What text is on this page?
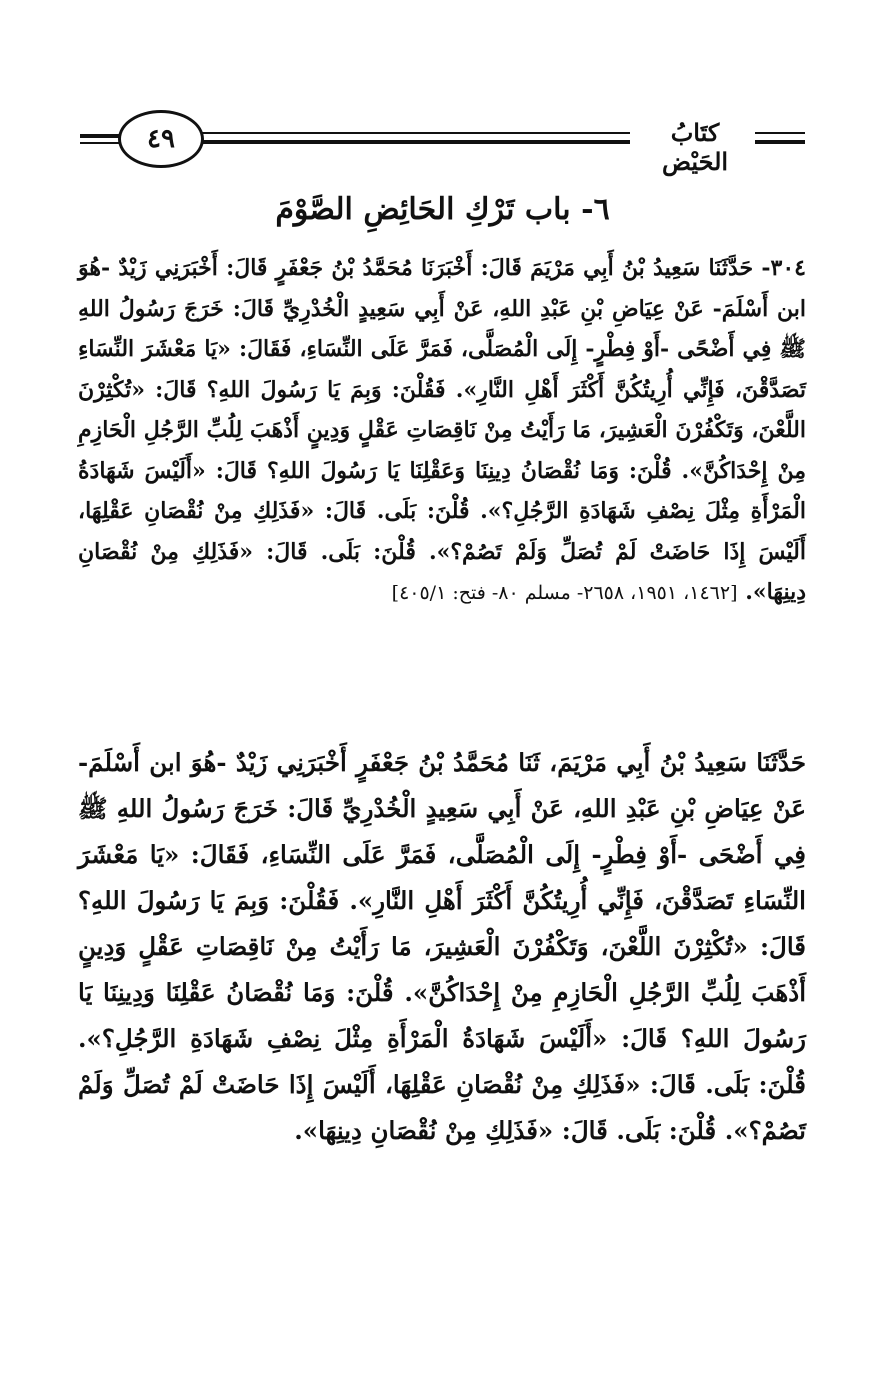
٤٩	كتَابُ الحَيْض
٦- باب تَرْكِ الحَائِضِ الصَّوْمَ

٣٠٤- حَدَّثَنَا سَعِيدُ بْنُ أَبِي مَرْيَمَ قَالَ: أَخْبَرَنَا مُحَمَّدُ بْنُ جَعْفَرٍ قَالَ: أَخْبَرَنِي زَيْدٌ -هُوَ ابن أَسْلَمَ- عَنْ عِيَاضِ بْنِ عَبْدِ اللهِ، عَنْ أَبِي سَعِيدٍ الْخُدْرِيِّ قَالَ: خَرَجَ رَسُولُ اللهِ ﷺ فِي أَضْحًى -أَوْ فِطْرٍ- إِلَى الْمُصَلَّى، فَمَرَّ عَلَى النِّسَاءِ، فَقَالَ: «يَا مَعْشَرَ النِّسَاءِ تَصَدَّقْنَ، فَإِنِّي أُرِيتُكُنَّ أَكْثَرَ أَهْلِ النَّارِ». فَقُلْنَ: وَبِمَ يَا رَسُولَ اللهِ؟ قَالَ: «تُكْثِرْنَ اللَّعْنَ، وَتَكْفُرْنَ الْعَشِيرَ، مَا رَأَيْتُ مِنْ نَاقِصَاتِ عَقْلٍ وَدِينٍ أَذْهَبَ لِلُبِّ الرَّجُلِ الْحَازِمِ مِنْ إِحْدَاكُنَّ». قُلْنَ: وَمَا نُقْصَانُ دِينِنَا وَعَقْلِنَا يَا رَسُولَ اللهِ؟ قَالَ: «أَلَيْسَ شَهَادَةُ الْمَرْأَةِ مِثْلَ نِصْفِ شَهَادَةِ الرَّجُلِ؟». قُلْنَ: بَلَى. قَالَ: «فَذَلِكِ مِنْ نُقْصَانِ عَقْلِهَا، أَلَيْسَ إِذَا حَاضَتْ لَمْ تُصَلِّ وَلَمْ تَصُمْ؟». قُلْنَ: بَلَى. قَالَ: «فَذَلِكِ مِنْ نُقْصَانِ دِينِهَا». [١٤٦٢، ١٩٥١، ٢٦٥٨- مسلم ٨٠- فتح: ٤٠٥/١]

حَدَّثَنَا سَعِيدُ بْنُ أَبِي مَرْيَمَ، ثَنَا مُحَمَّدُ بْنُ جَعْفَرٍ أَخْبَرَنِي زَيْدٌ -هُوَ ابن أَسْلَمَ- عَنْ عِيَاضِ بْنِ عَبْدِ اللهِ، عَنْ أَبِي سَعِيدٍ الْخُدْرِيِّ قَالَ: خَرَجَ رَسُولُ اللهِ ﷺ فِي أَضْحَى -أَوْ فِطْرٍ- إِلَى الْمُصَلَّى، فَمَرَّ عَلَى النِّسَاءِ، فَقَالَ: «يَا مَعْشَرَ النِّسَاءِ تَصَدَّقْنَ، فَإِنِّي أُرِيتُكُنَّ أَكْثَرَ أَهْلِ النَّارِ». فَقُلْنَ: وَبِمَ يَا رَسُولَ اللهِ؟ قَالَ: «تُكْثِرْنَ اللَّعْنَ، وَتَكْفُرْنَ الْعَشِيرَ، مَا رَأَيْتُ مِنْ نَاقِصَاتِ عَقْلٍ وَدِينٍ أَذْهَبَ لِلُبِّ الرَّجُلِ الْحَازِمِ مِنْ إِحْدَاكُنَّ». قُلْنَ: وَمَا نُقْصَانُ عَقْلِنَا وَدِينِنَا يَا رَسُولَ اللهِ؟ قَالَ: «أَلَيْسَ شَهَادَةُ الْمَرْأَةِ مِثْلَ نِصْفِ شَهَادَةِ الرَّجُلِ؟». قُلْنَ: بَلَى. قَالَ: «فَذَلِكِ مِنْ نُقْصَانِ عَقْلِهَا، أَلَيْسَ إِذَا حَاضَتْ لَمْ تُصَلِّ وَلَمْ تَصُمْ؟». قُلْنَ: بَلَى. قَالَ: «فَذَلِكِ مِنْ نُقْصَانِ دِينِهَا».
